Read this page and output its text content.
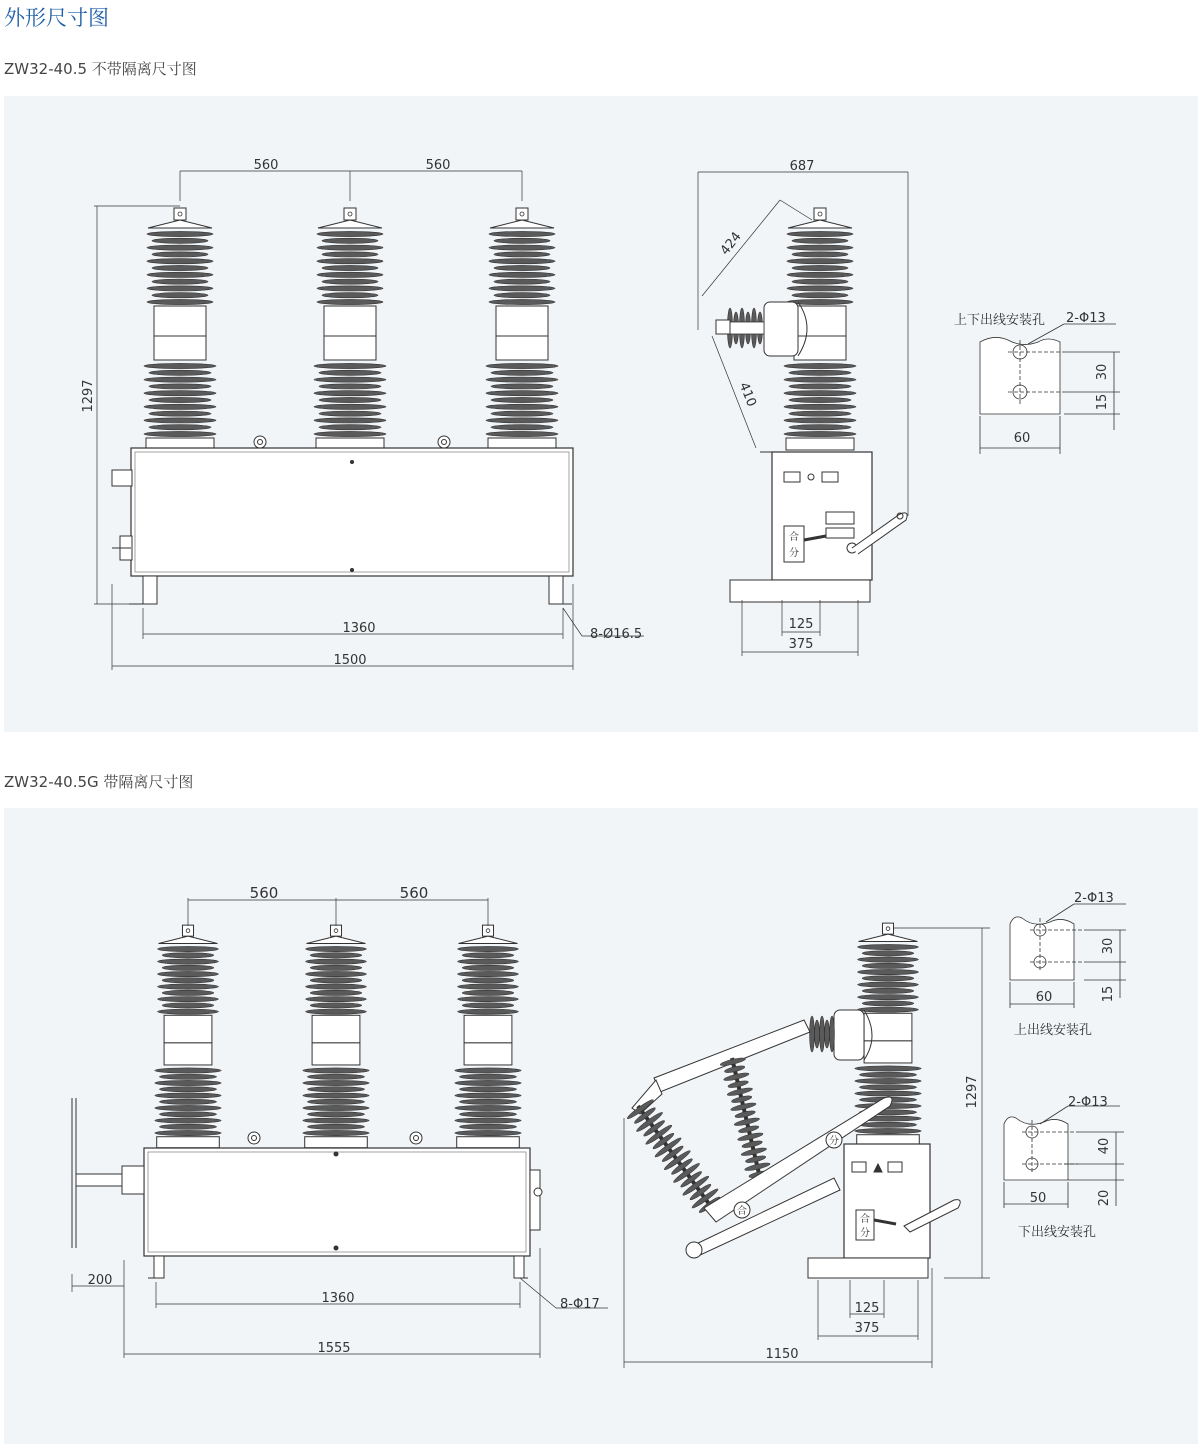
外形尺寸图
ZW32-40.5 不带隔离尺寸图
560	560
1297
1360
1500
8-Ø16.5
合
分
687
424
410
125
375
上下出线安装孔 2-Φ13
30
15
60
ZW32-40.5G 带隔离尺寸图
560	560
200
1360
1555
8-Φ17
合
分
合
分
1297
125
375
1150
2-Φ13
30
15
60
上出线安装孔
2-Φ13
40
20
50
下出线安装孔
